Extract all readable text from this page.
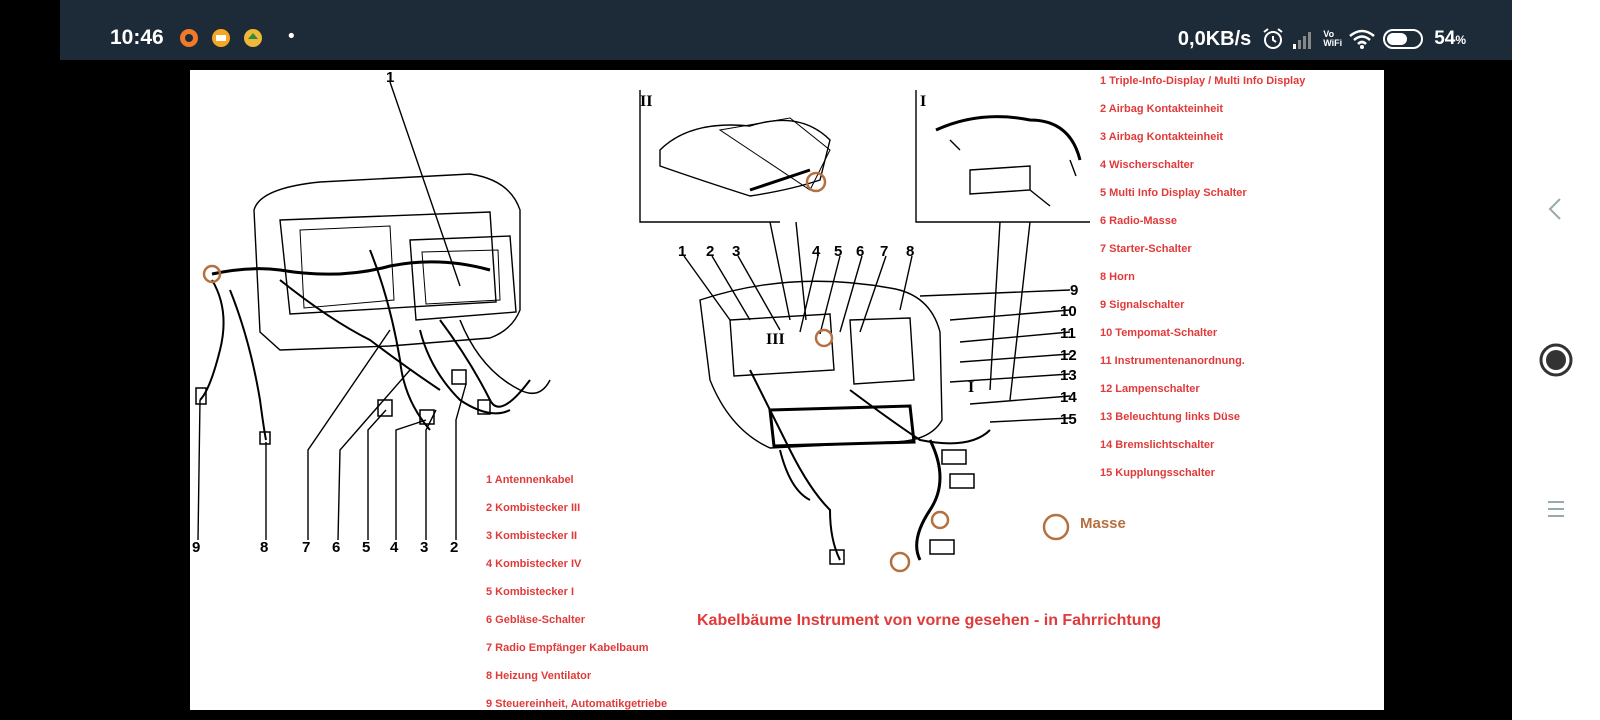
10:46	•	0,0KB/s	Vo
WiFi	54%
9	8 7 6 5 4 3 2
1
1 Antennenkabel
2 Kombistecker III
3 Kombistecker II
4 Kombistecker IV
5 Kombistecker I
6 Gebläse-Schalter
7 Radio Empfänger Kabelbaum
8 Heizung Ventilator
9 Steuereinheit, Automatikgetriebe
II	I
III
I
1 2 3	4 5 6 7 8
9
10
11
12
13
14
15
1 Triple-Info-Display / Multi Info Display
2 Airbag Kontakteinheit
3 Airbag Kontakteinheit
4 Wischerschalter
5 Multi Info Display Schalter
6 Radio-Masse
7 Starter-Schalter
8 Horn
9 Signalschalter
10 Tempomat-Schalter
11 Instrumentenanordnung.
12 Lampenschalter
13 Beleuchtung links Düse
14 Bremslichtschalter
15 Kupplungsschalter
Masse
Kabelbäume Instrument von vorne gesehen - in Fahrrichtung
